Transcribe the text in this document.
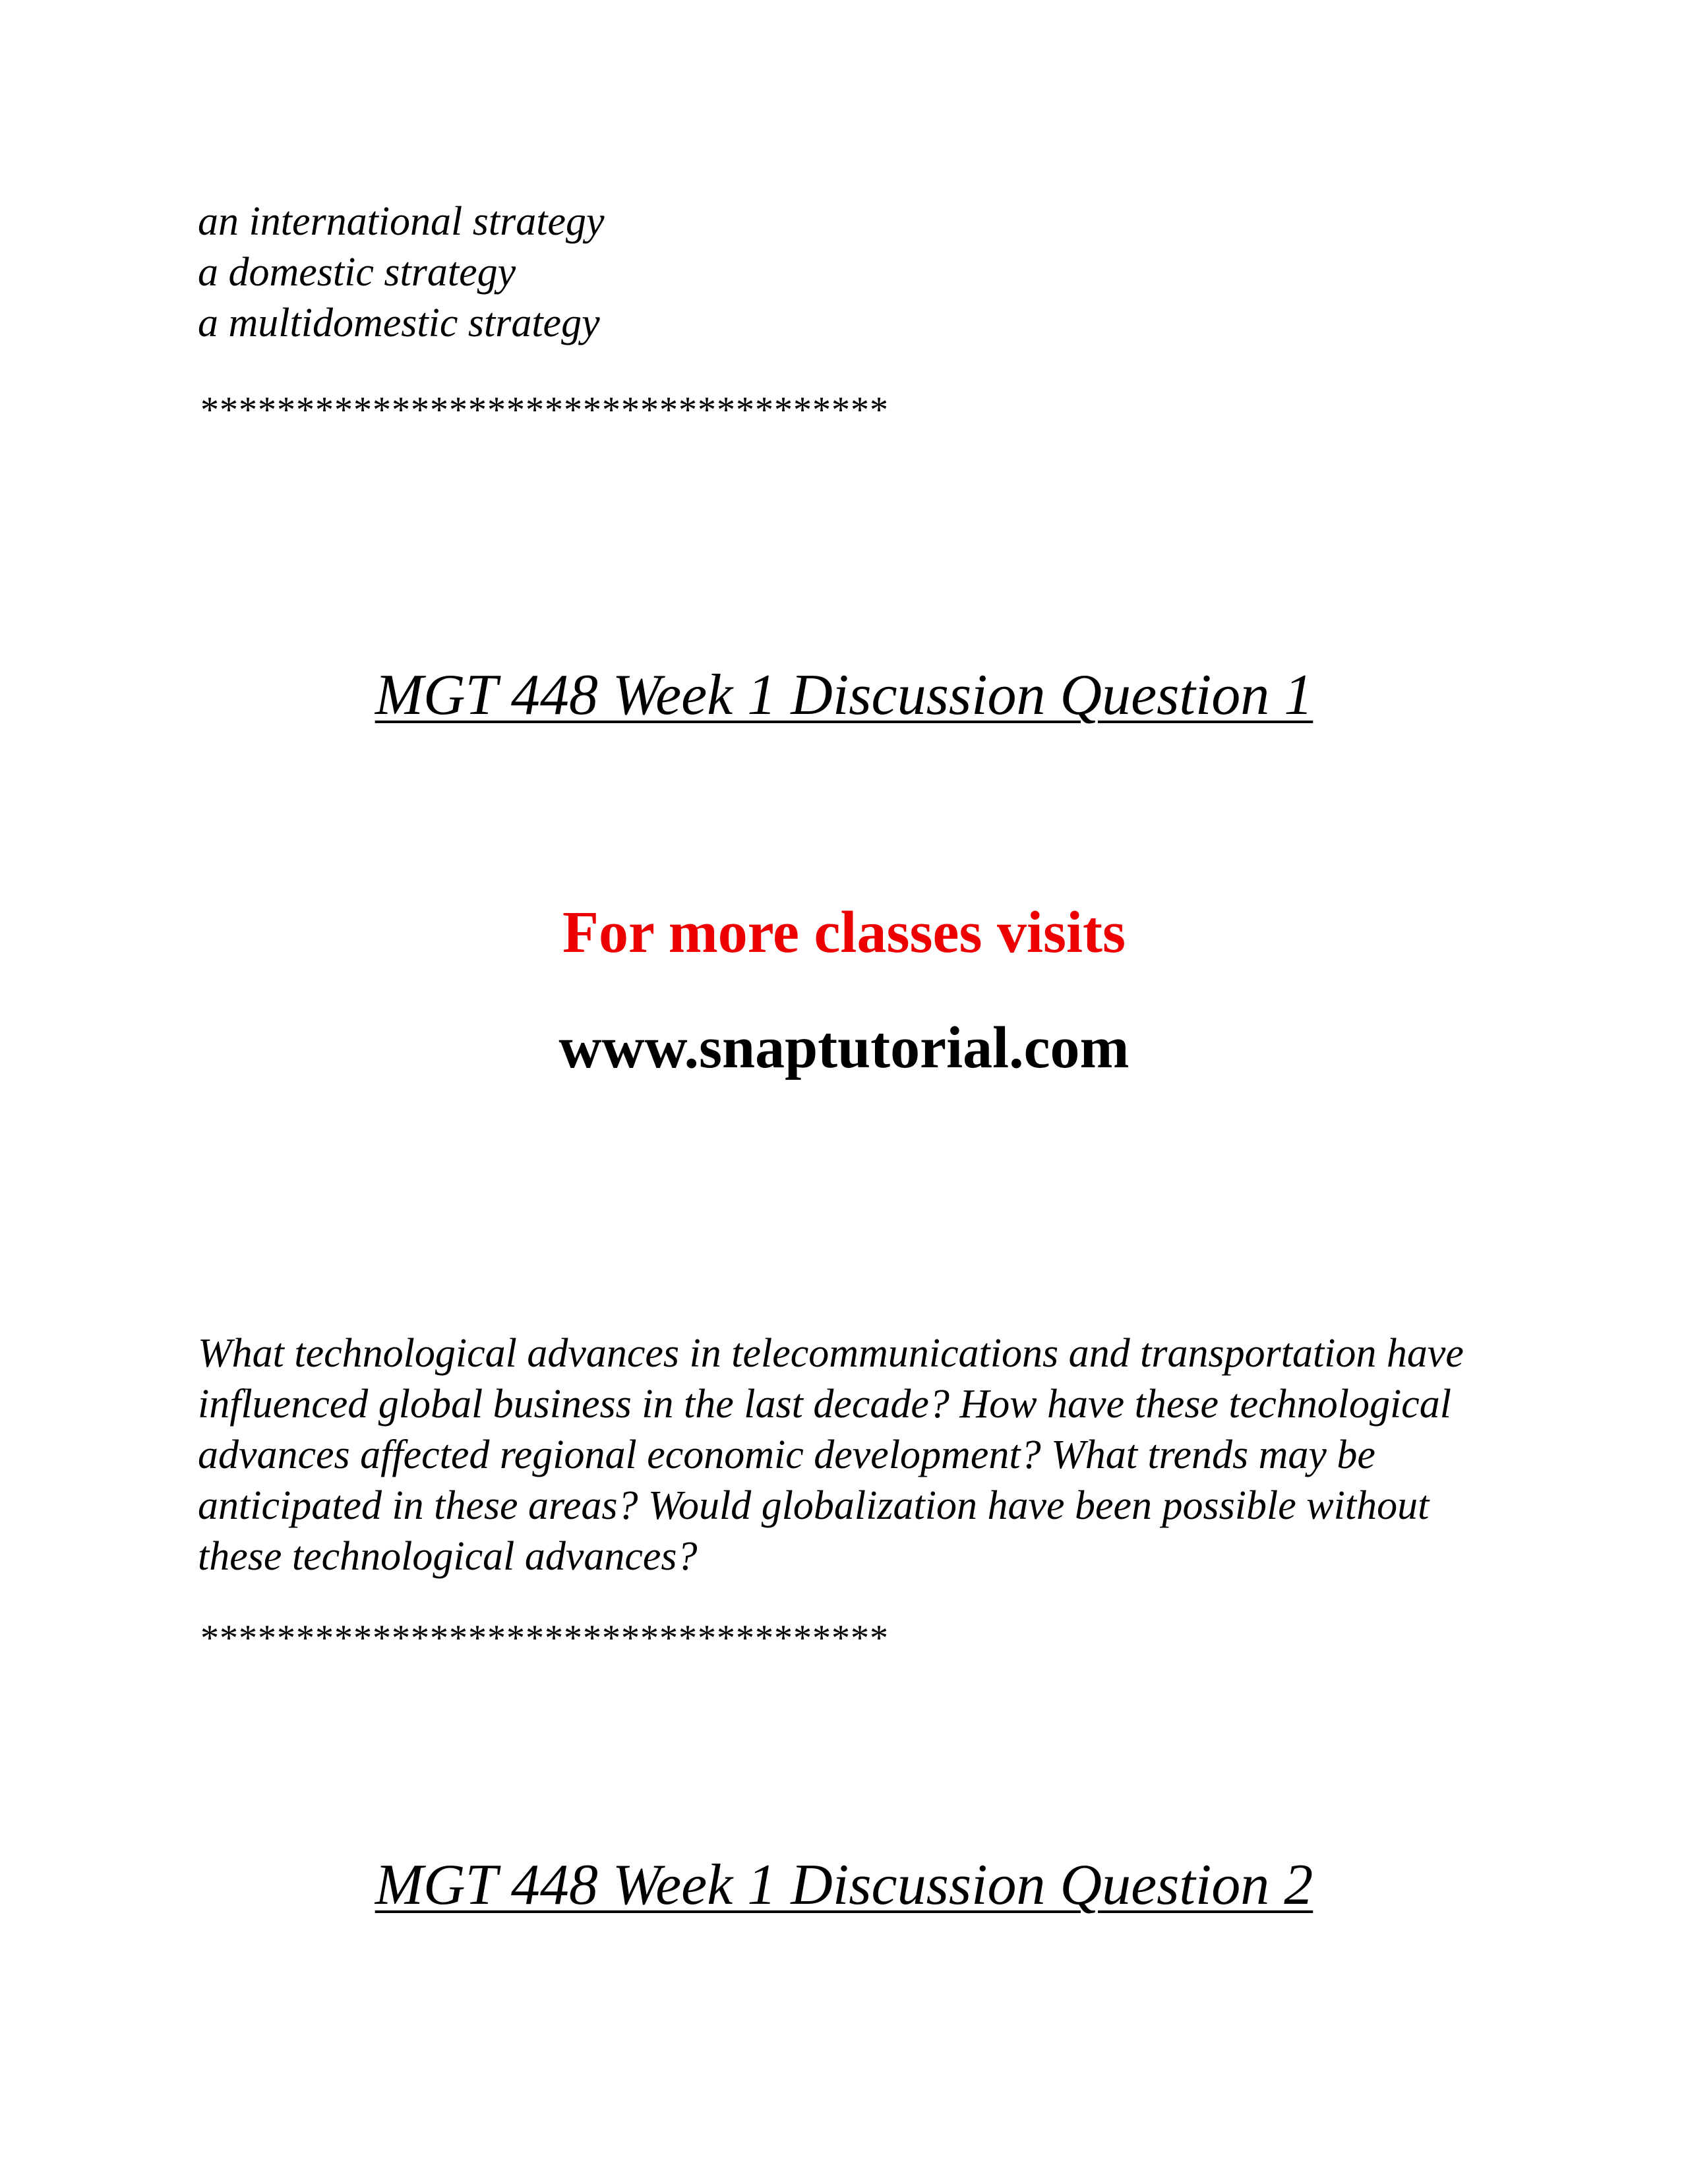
an international strategy
a domestic strategy
a multidomestic strategy
************************************
MGT 448 Week 1 Discussion Question 1
For more classes visits
www.snaptutorial.com

What technological advances in telecommunications and transportation have influenced global business in the last decade? How have these technological advances affected regional economic development? What trends may be anticipated in these areas? Would globalization have been possible without these technological advances?

************************************
MGT 448 Week 1 Discussion Question 2
